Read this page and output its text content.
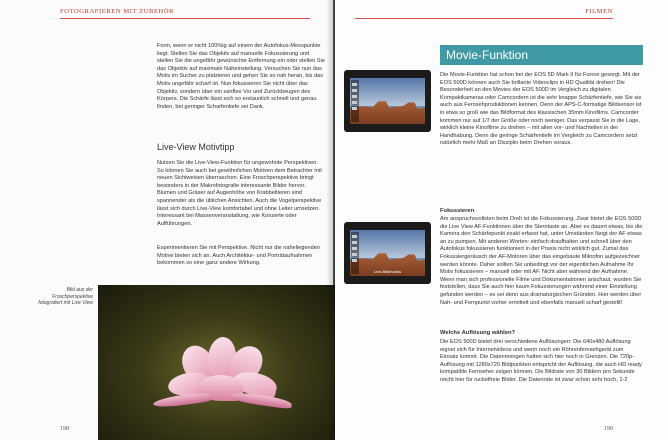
FOTOGRAFIEREN MIT ZUBEHÖR
Form, wenn er nicht 100%ig auf einem der Autofokus-Messpunkte liegt. Stellen Sie das Objektiv auf manuelle Fokussierung und stellen Sie die ungefähr gewünschte Entfernung ein oder stellen Sie das Objektiv auf maximale Naheinstellung. Versuchen Sie nun das Motiv im Sucher zu platzieren und gehen Sie so nah heran, bis das Motiv ungefähr scharf ist. Nun fokussieren Sie nicht über das Objektiv, sondern über ein sanftes Vor und Zurückbeugen des Körpers. Die Schärfe lässt sich so erstaunlich schnell und genau finden, bei geringer Scharfentiefe sei Dank.
Live-View Motivtipp
Nutzen Sie die Live-View-Funktion für ungewohnte Perspektiven. So können Sie auch bei gewöhnlichen Motiven dem Betrachter mit neuen Sichtweisen überraschen. Eine Froschperspektive bringt besonders in der Makrofotografie interessante Bilder hervor. Blumen und Gräser auf Augenhöhe von Krabbeltieren sind spannender als die üblichen Ansichten. Auch die Vogelperspektive lässt sich durch Live-View komfortabel und ohne Leiter umsetzen. Interessant bei Massenveranstaltung, wie Konzerte oder Aufführungen.
Experimentieren Sie mit Perspektive. Nicht nur die naheliegenden Motive bieten sich an. Auch Architektur- und Porträtaufnahmen bekommen so eine ganz andere Wirkung.
Bild aus der Froschperspektive fotografiert mit Live View
198
FILMEN
Die Movie-Funktion hat schon bei der EOS 5D Mark II für Furore gesorgt. Mit der EOS 500D können auch Sie brillante Videoclips in HD Qualität drehen! Die Besonderheit an den Movies der EOS 500D im Vergleich zu digitalen Kompaktkameras oder Camcordern ist die sehr knappe Schärfentiefe, wie Sie sie auch aus Fernsehproduktionen kennen. Denn der APS-C-formatige Bildsensor ist in etwa so groß wie das Bildformat des klassischen 35mm Kinofilms. Camcorder kommen nur auf 1/7 der Größe oder noch weniger. Das verpasst Sie in die Lage, wirklich kleine Kinofilme zu drehen – mit allen vor- und Nachteilen in der Handhabung. Denn die geringe Schärfentiefe im Vergleich zu Camcordern setzt natürlich mehr Maß an Disziplin beim Drehen voraus.
Fokussieren
Am anspruchsvollsten beim Dreh ist die Fokussierung. Zwar bietet die EOS 500D die Live View AF-Funktionen über die Sterntaste an. Aber es dauert etwas, bis die Kamera den Schärfepunkt exakt erfasst hat, unter Umständen fängt der AF etwas an zu pumpen. Mit anderen Worten: einfach draufhalten und schnell über den Autofokus fokussieren funktioniert in der Praxis nicht wirklich gut. Zumal das Fokussiergeräusch der AF-Motoren über das eingebaute Mikrofon aufgezeichnet werden könnte. Daher sollten Sie unbedingt vor der eigentlichen Aufnahme Ihr Motiv fokussieren – manuell oder mit AF. Nicht aber während der Aufnahme. Wenn man sich professionelle Filme und Dokumentationen anschaut, wurden Sie feststellen, dass Sie auch hier kaum Fokussierungen während einer Einstellung gefunden werden – es sei denn aus dramaturgischen Gründen. Hier werden über Nah- und Fernpunkt vorher ermittelt und ebenfalls manuell scharf gestellt!
Welche Auflösung wählen?
Die EOS 500D bietet drei verschiedene Auflösungen: Die 640x480 Auflösung eignet sich für Internetvideos und wenn noch ein Röhrenfernsehgerät zum Einsatz kommt. Die Datenmengen halten sich hier noch in Grenzen. Die 720p-Auflösung mit 1280x720 Bildpunkten entspricht der Auflösung, die auch HD ready kompatible Fernseher zeigen können. Die Bildrate von 30 Bildern pro Sekunde reicht hier für ruckelfreie Bilder. Die Datenrate ist zwar schon sehr hoch, 1-2
199
Movie-Funktion
Live-Bildmodus
